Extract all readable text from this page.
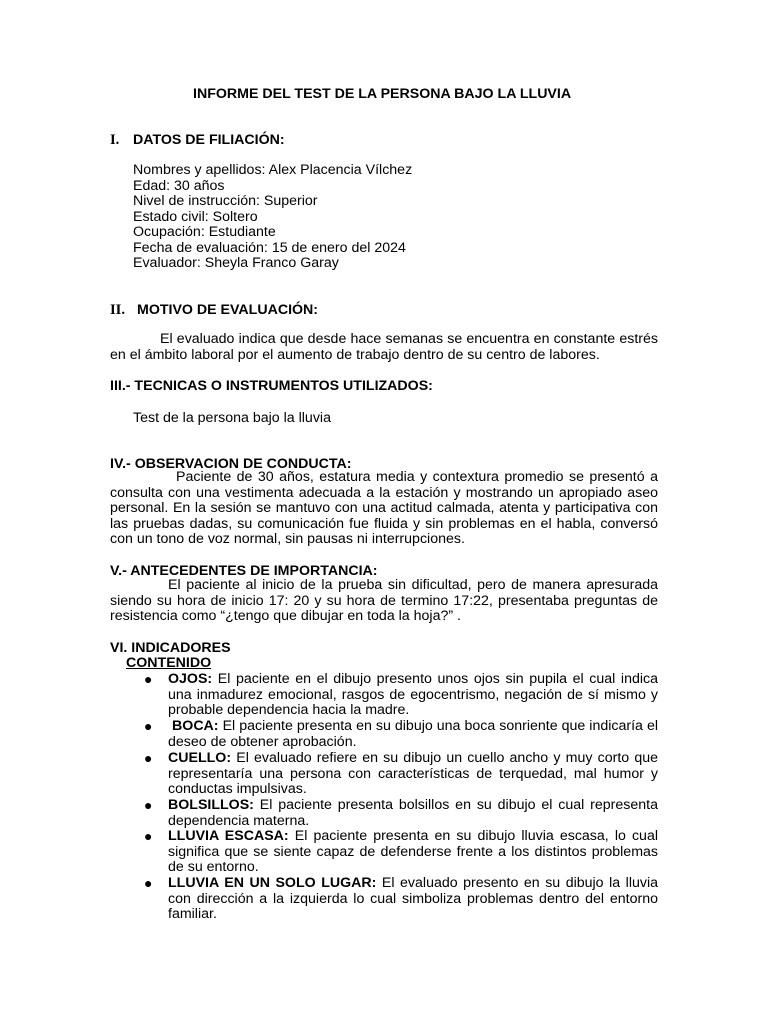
INFORME DEL TEST DE LA PERSONA BAJO LA LLUVIA
I. DATOS DE FILIACIÓN:
Nombres y apellidos: Alex Placencia Vílchez
Edad: 30 años
Nivel de instrucción: Superior
Estado civil: Soltero
Ocupación: Estudiante
Fecha de evaluación: 15 de enero del 2024
Evaluador: Sheyla Franco Garay
II. MOTIVO DE EVALUACIÓN:
El evaluado indica que desde hace semanas se encuentra en constante estrés
en el ámbito laboral por el aumento de trabajo dentro de su centro de labores.
III.- TECNICAS O INSTRUMENTOS UTILIZADOS:
Test de la persona bajo la lluvia
IV.- OBSERVACION DE CONDUCTA:
Paciente de 30 años, estatura media y contextura promedio se presentó a
consulta con una vestimenta adecuada a la estación y mostrando un apropiado aseo
personal. En la sesión se mantuvo con una actitud calmada, atenta y participativa con
las pruebas dadas, su comunicación fue fluida y sin problemas en el habla, conversó
con un tono de voz normal, sin pausas ni interrupciones.
V.- ANTECEDENTES DE IMPORTANCIA:
El paciente al inicio de la prueba sin dificultad, pero de manera apresurada
siendo su hora de inicio 17: 20 y su hora de termino 17:22, presentaba preguntas de
resistencia como “¿tengo que dibujar en toda la hoja?” .
VI. INDICADORES
CONTENIDO
● OJOS: El paciente en el dibujo presento unos ojos sin pupila el cual indica
una inmadurez emocional, rasgos de egocentrismo, negación de sí mismo y
probable dependencia hacia la madre.
● BOCA: El paciente presenta en su dibujo una boca sonriente que indicaría el
deseo de obtener aprobación.
● CUELLO: El evaluado refiere en su dibujo un cuello ancho y muy corto que
representaría una persona con características de terquedad, mal humor y
conductas impulsivas.
● BOLSILLOS: El paciente presenta bolsillos en su dibujo el cual representa
dependencia materna.
● LLUVIA ESCASA: El paciente presenta en su dibujo lluvia escasa, lo cual
significa que se siente capaz de defenderse frente a los distintos problemas
de su entorno.
● LLUVIA EN UN SOLO LUGAR: El evaluado presento en su dibujo la lluvia
con dirección a la izquierda lo cual simboliza problemas dentro del entorno
familiar.
